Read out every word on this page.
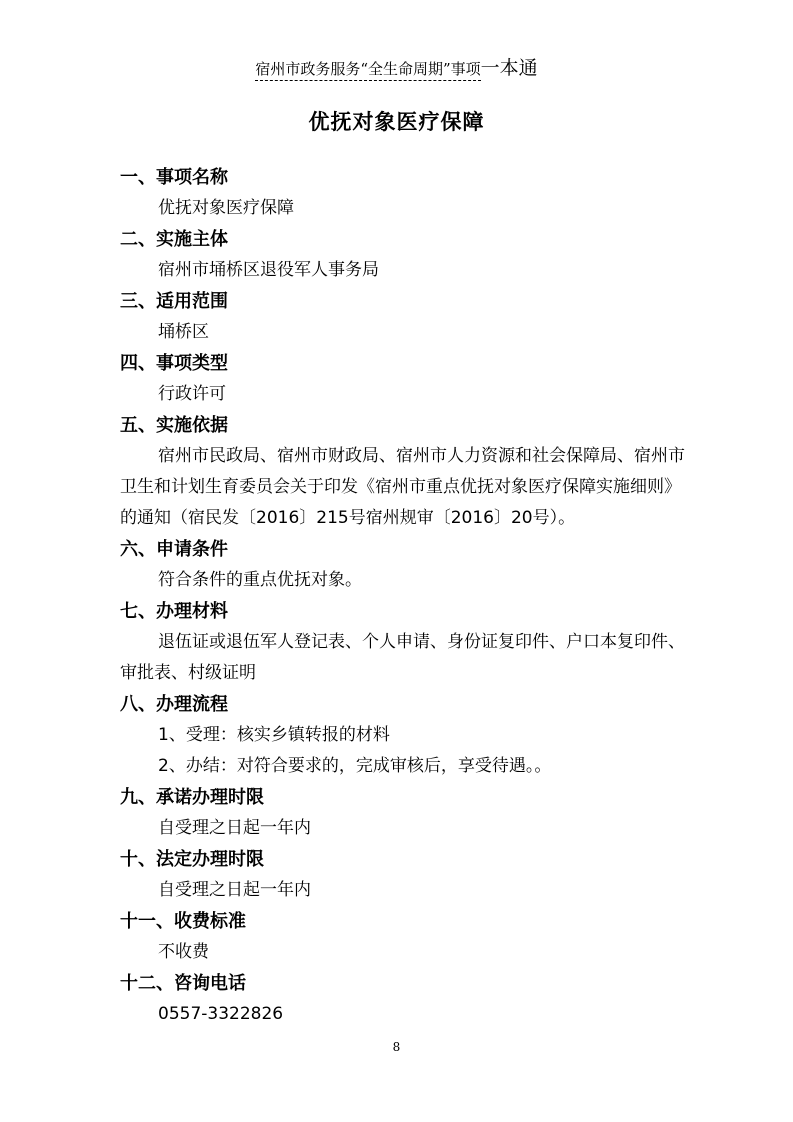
宿州市政务服务“全生命周期”事项一本通
优抚对象医疗保障
一、事项名称
优抚对象医疗保障
二、实施主体
宿州市埇桥区退役军人事务局
三、适用范围
埇桥区
四、事项类型
行政许可
五、实施依据
宿州市民政局、宿州市财政局、宿州市人力资源和社会保障局、宿州市卫生和计划生育委员会关于印发《宿州市重点优抚对象医疗保障实施细则》的通知（宿民发〔2016〕215号宿州规审〔2016〕20号）。
六、申请条件
符合条件的重点优抚对象。
七、办理材料
退伍证或退伍军人登记表、个人申请、身份证复印件、户口本复印件、审批表、村级证明
八、办理流程
1、受理：核实乡镇转报的材料
2、办结：对符合要求的，完成审核后，享受待遇。。
九、承诺办理时限
自受理之日起一年内
十、法定办理时限
自受理之日起一年内
十一、收费标准
不收费
十二、咨询电话
0557-3322826
8
